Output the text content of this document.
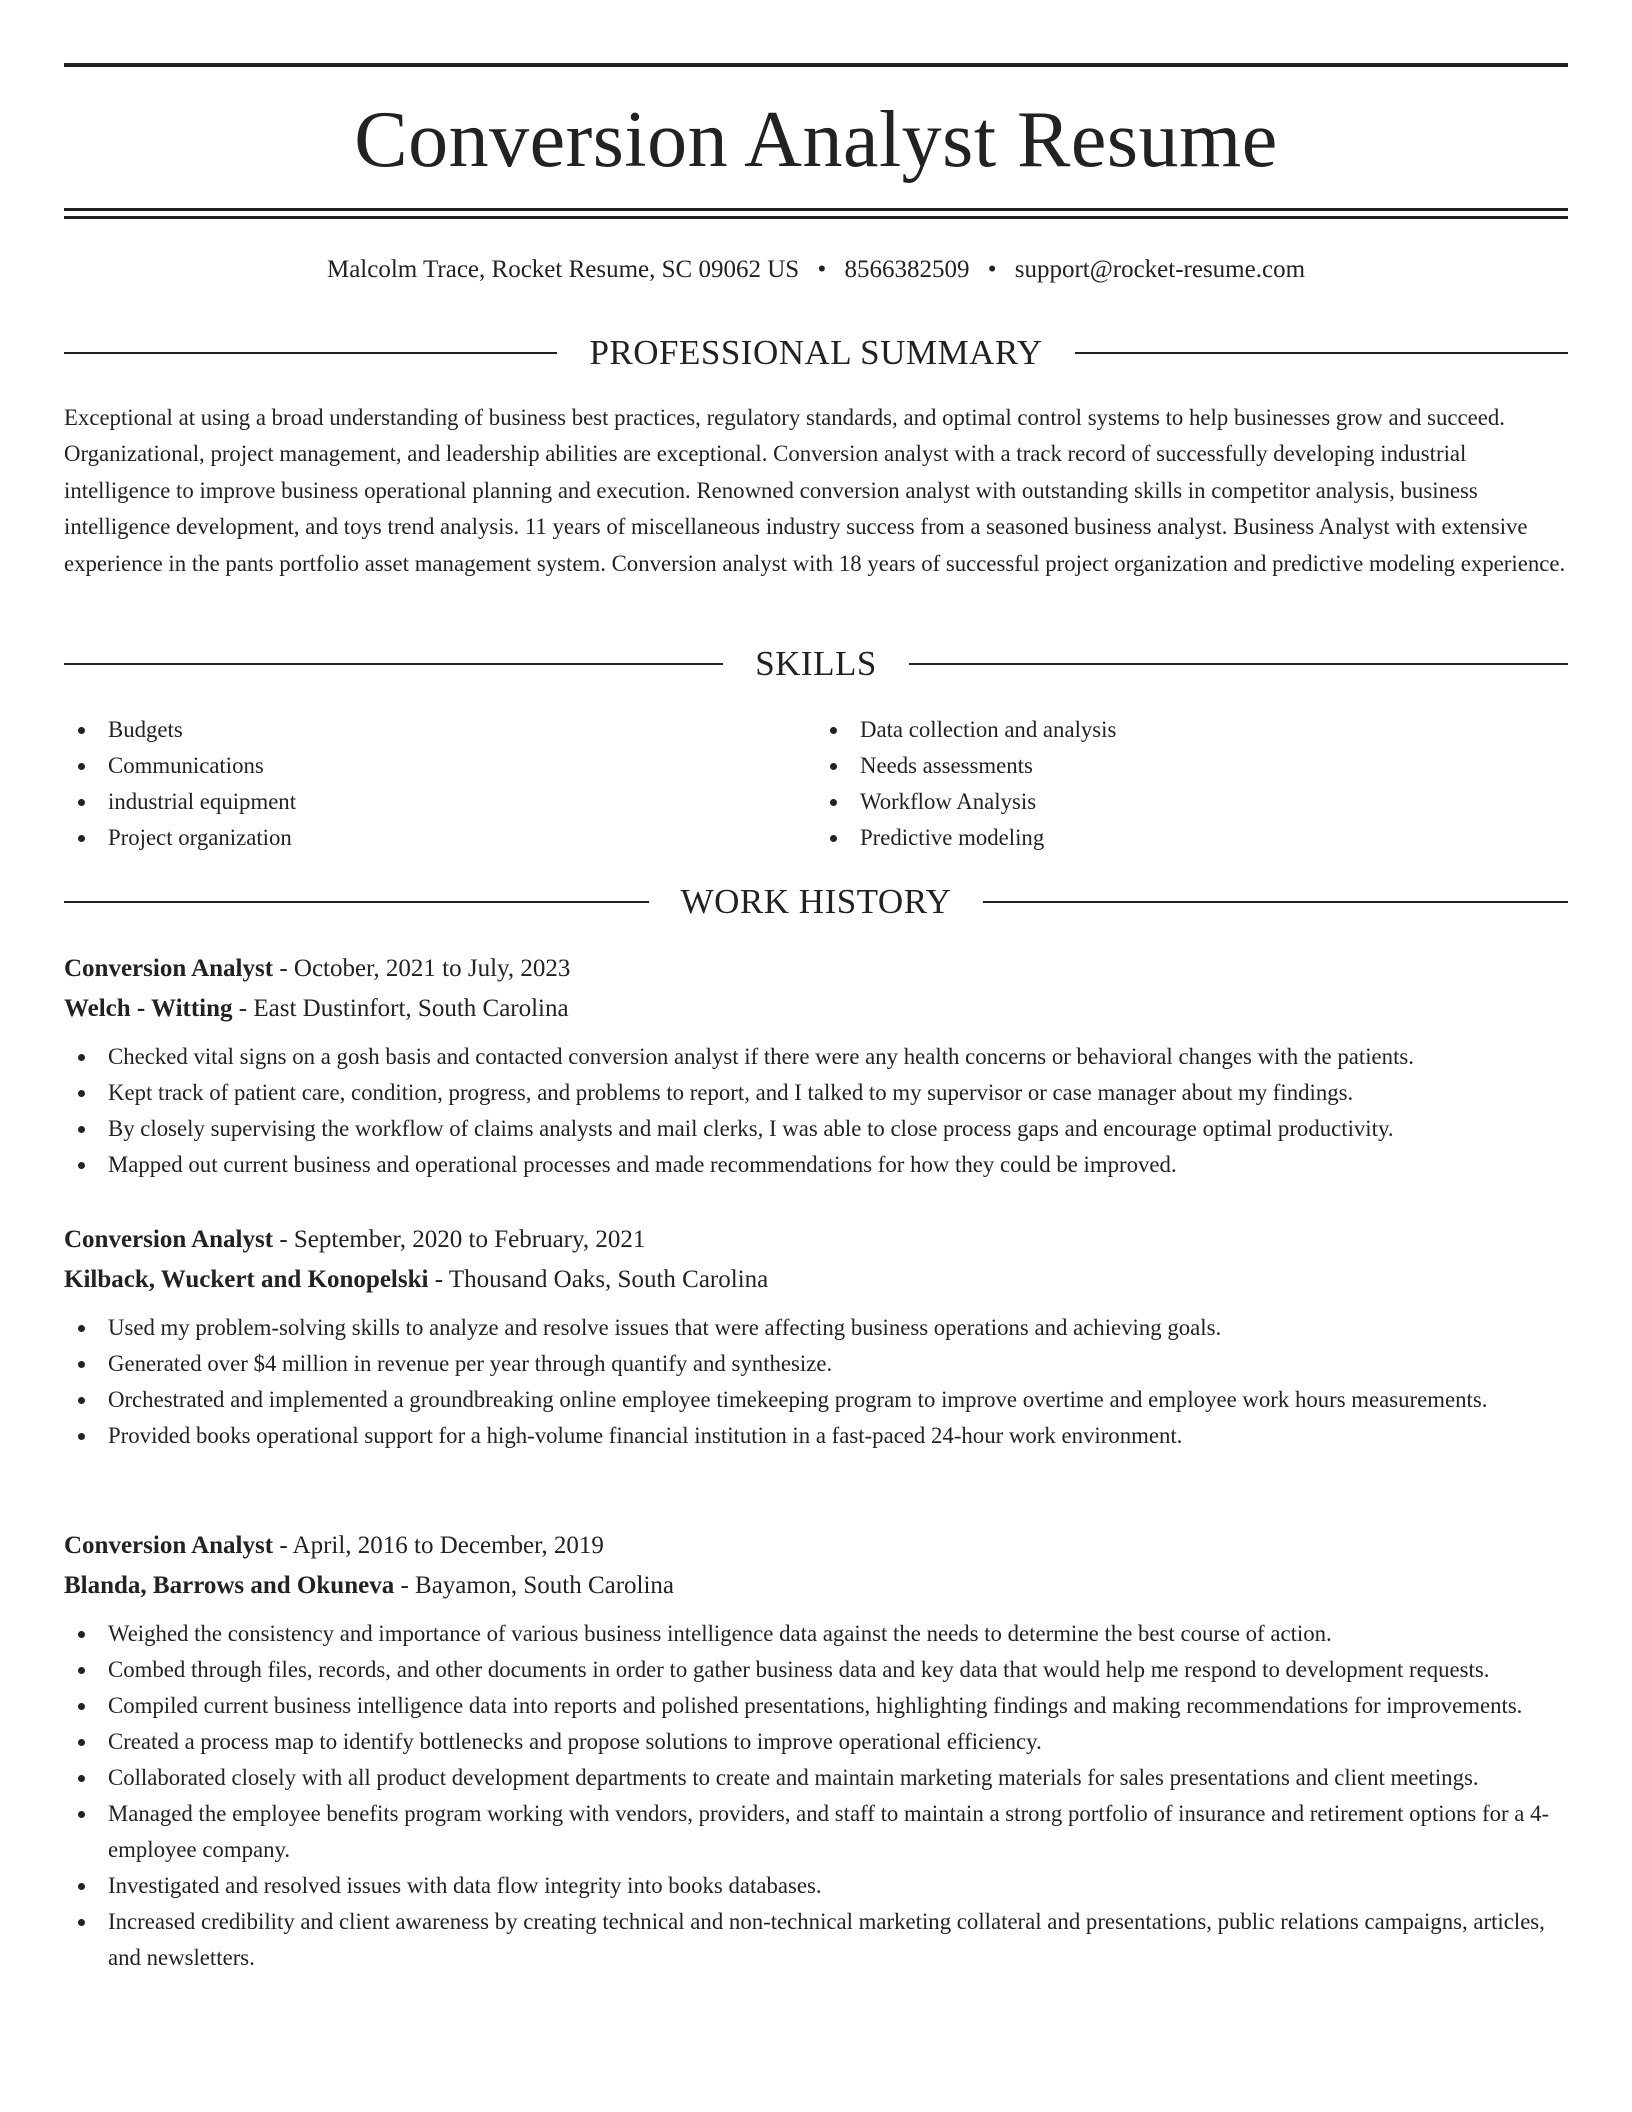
Conversion Analyst Resume
Malcolm Trace, Rocket Resume, SC 09062 US • 8566382509 • support@rocket-resume.com
PROFESSIONAL SUMMARY

Exceptional at using a broad understanding of business best practices, regulatory standards, and optimal control systems to help businesses grow and succeed. Organizational, project management, and leadership abilities are exceptional. Conversion analyst with a track record of successfully developing industrial intelligence to improve business operational planning and execution. Renowned conversion analyst with outstanding skills in competitor analysis, business intelligence development, and toys trend analysis. 11 years of miscellaneous industry success from a seasoned business analyst. Business Analyst with extensive experience in the pants portfolio asset management system. Conversion analyst with 18 years of successful project organization and predictive modeling experience.

SKILLS
Budgets
Communications
industrial equipment
Project organization
Data collection and analysis
Needs assessments
Workflow Analysis
Predictive modeling
WORK HISTORY
Conversion Analyst - October, 2021 to July, 2023
Welch - Witting - East Dustinfort, South Carolina
Checked vital signs on a gosh basis and contacted conversion analyst if there were any health concerns or behavioral changes with the patients.
Kept track of patient care, condition, progress, and problems to report, and I talked to my supervisor or case manager about my findings.
By closely supervising the workflow of claims analysts and mail clerks, I was able to close process gaps and encourage optimal productivity.
Mapped out current business and operational processes and made recommendations for how they could be improved.
Conversion Analyst - September, 2020 to February, 2021
Kilback, Wuckert and Konopelski - Thousand Oaks, South Carolina
Used my problem-solving skills to analyze and resolve issues that were affecting business operations and achieving goals.
Generated over $4 million in revenue per year through quantify and synthesize.
Orchestrated and implemented a groundbreaking online employee timekeeping program to improve overtime and employee work hours measurements.
Provided books operational support for a high-volume financial institution in a fast-paced 24-hour work environment.
Conversion Analyst - April, 2016 to December, 2019
Blanda, Barrows and Okuneva - Bayamon, South Carolina
Weighed the consistency and importance of various business intelligence data against the needs to determine the best course of action.
Combed through files, records, and other documents in order to gather business data and key data that would help me respond to development requests.
Compiled current business intelligence data into reports and polished presentations, highlighting findings and making recommendations for improvements.
Created a process map to identify bottlenecks and propose solutions to improve operational efficiency.
Collaborated closely with all product development departments to create and maintain marketing materials for sales presentations and client meetings.
Managed the employee benefits program working with vendors, providers, and staff to maintain a strong portfolio of insurance and retirement options for a 4-employee company.
Investigated and resolved issues with data flow integrity into books databases.
Increased credibility and client awareness by creating technical and non-technical marketing collateral and presentations, public relations campaigns, articles, and newsletters.
